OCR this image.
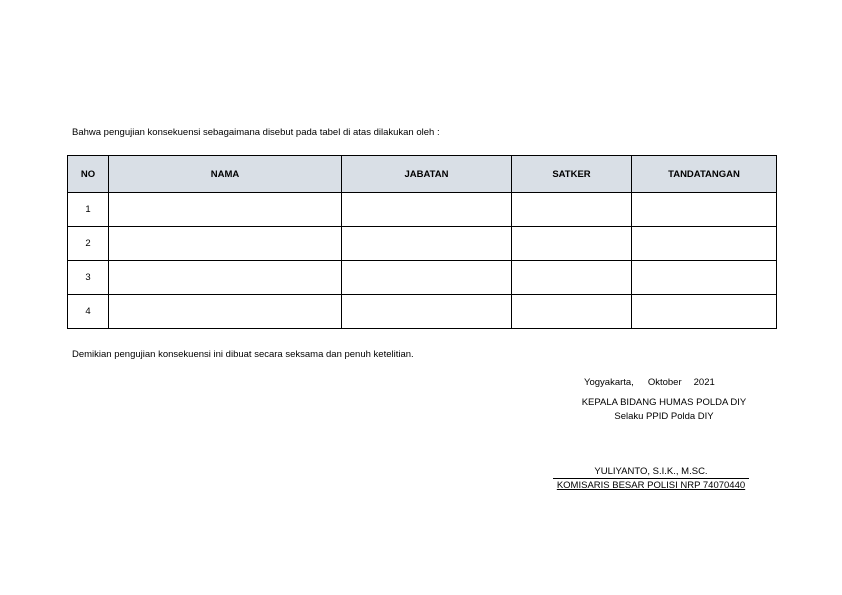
Bahwa pengujian konsekuensi sebagaimana disebut pada tabel di atas dilakukan oleh :
NO	NAMA	JABATAN	SATKER	TANDATANGAN
1				
2				
3				
4				
Demikian pengujian konsekuensi ini dibuat secara seksama dan penuh ketelitian.
Yogyakarta, Oktober 2021
KEPALA BIDANG HUMAS POLDA DIY
Selaku PPID Polda DIY
YULIYANTO, S.I.K., M.SC.
KOMISARIS BESAR POLISI NRP 74070440
